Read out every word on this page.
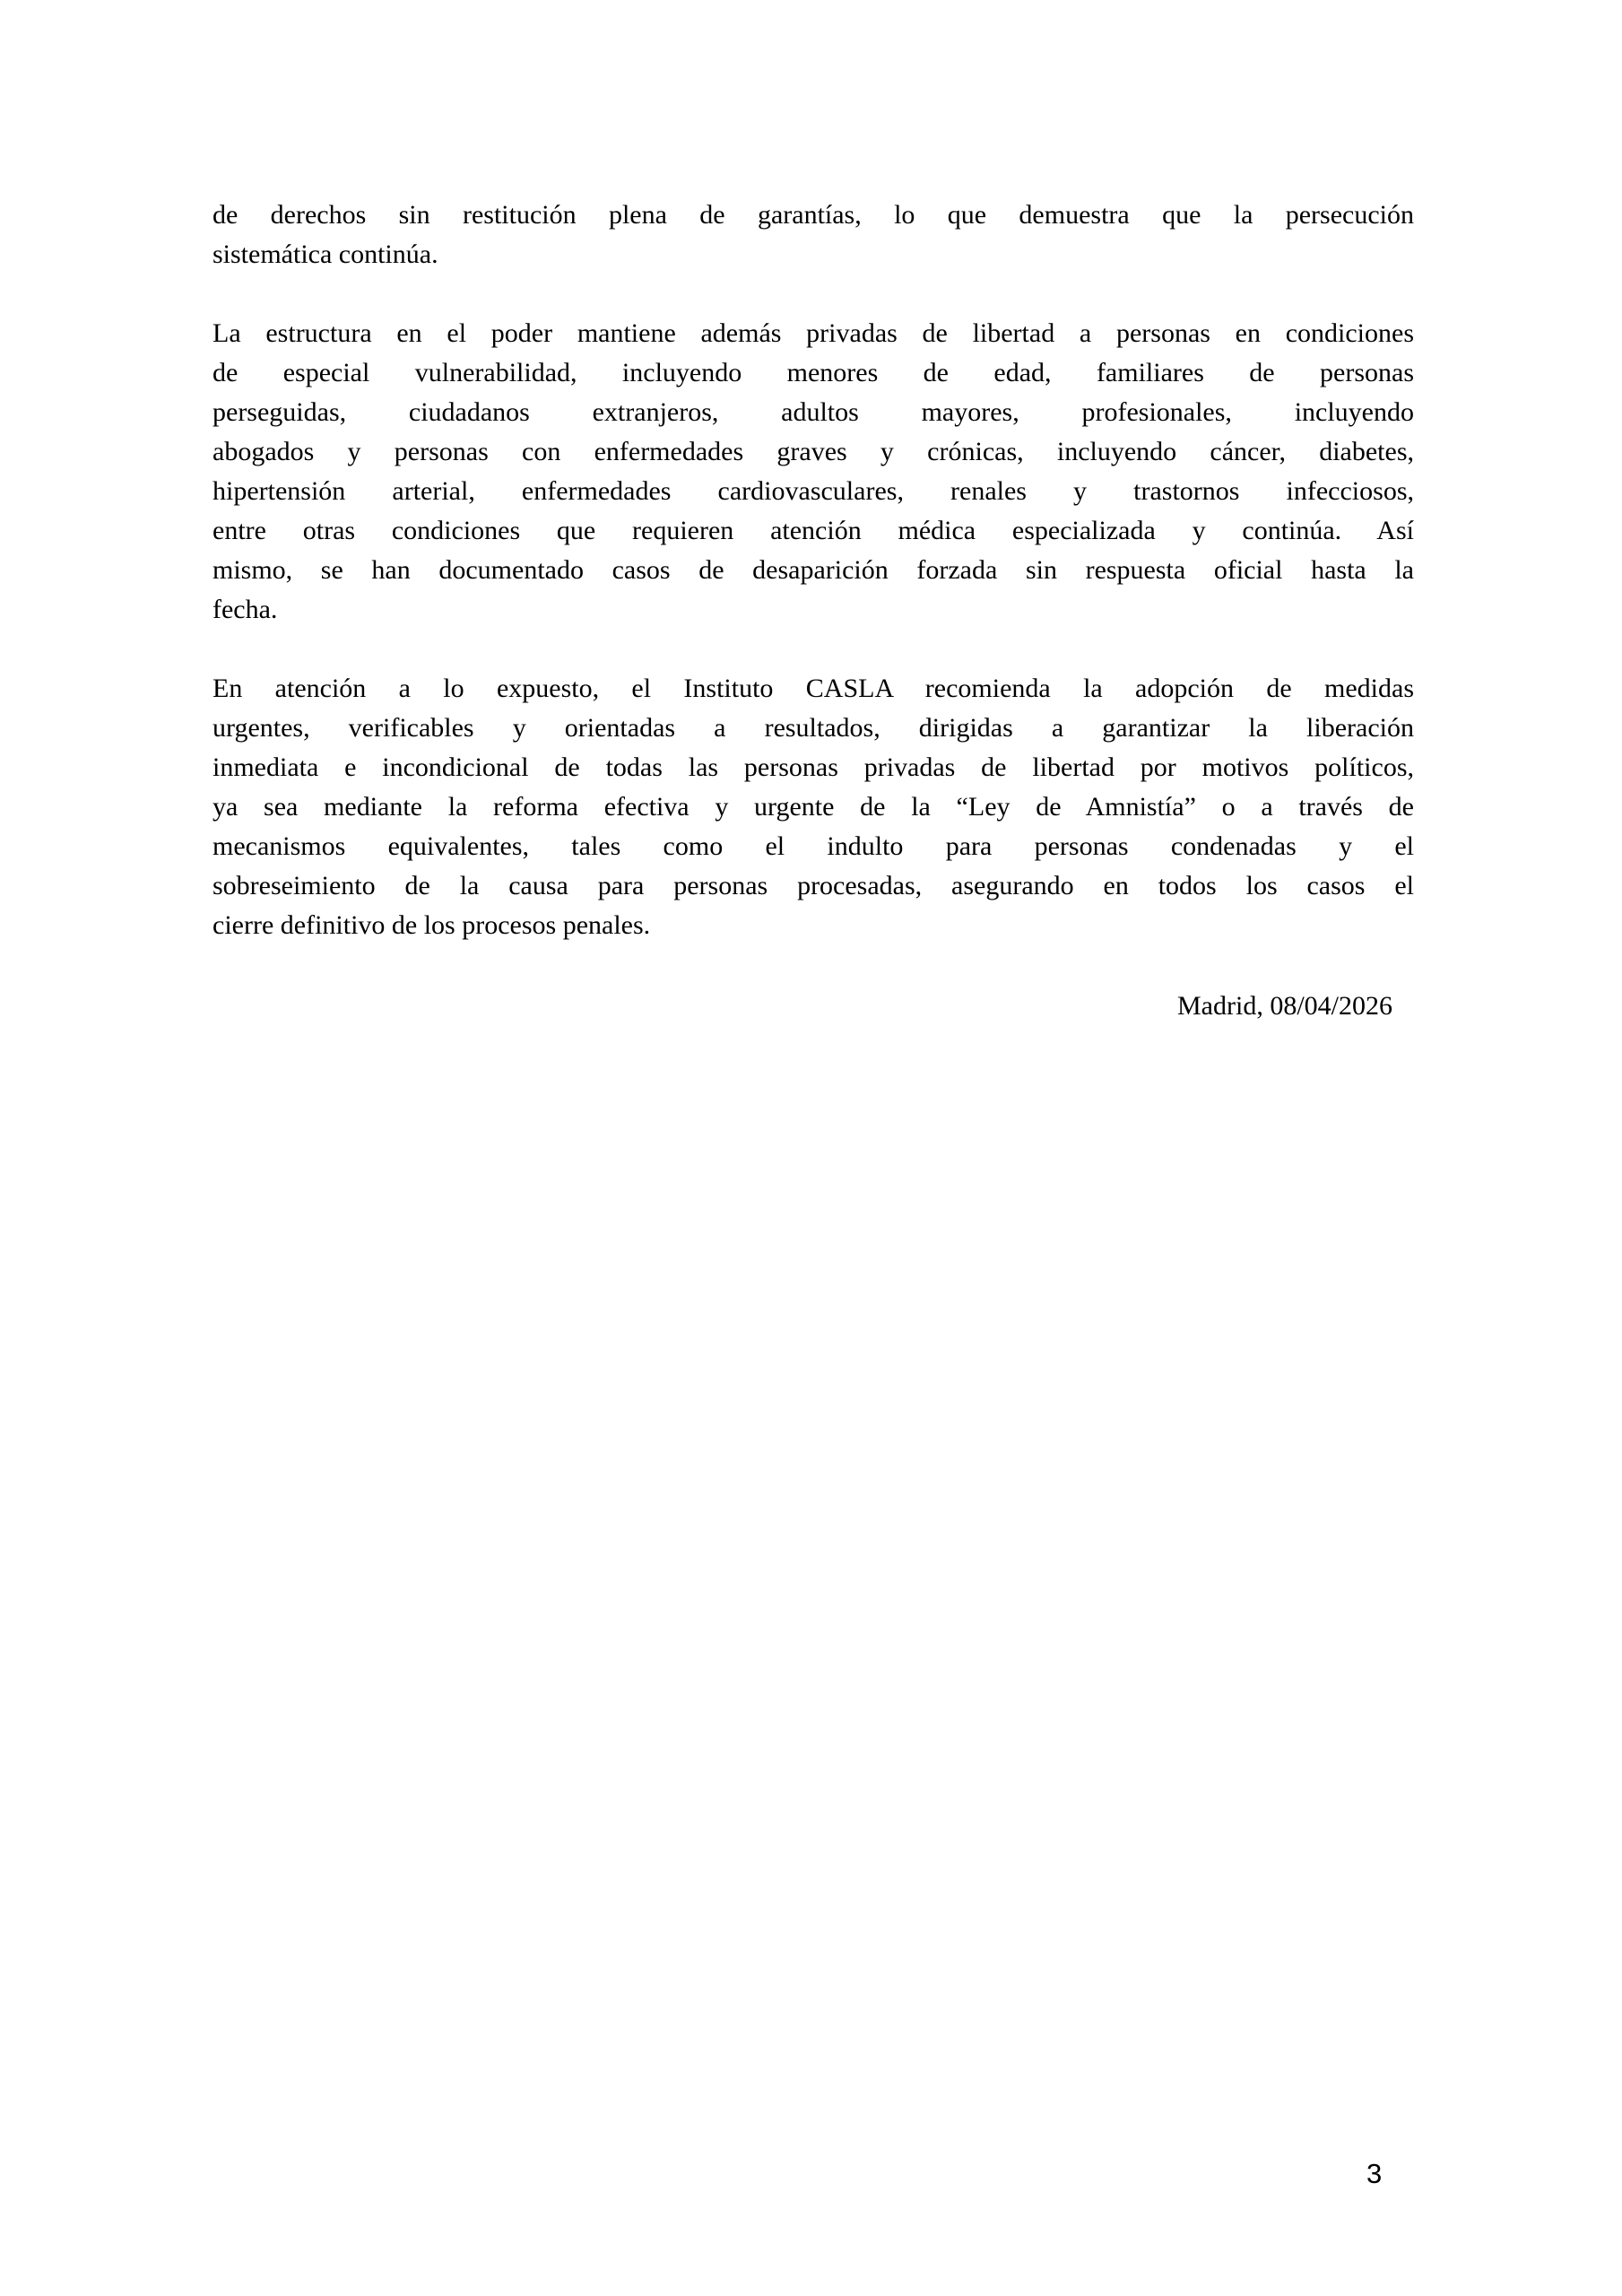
de derechos sin restitución plena de garantías, lo que demuestra que la persecución
sistemática continúa.
La estructura en el poder mantiene además privadas de libertad a personas en condiciones
de especial vulnerabilidad, incluyendo menores de edad, familiares de personas
perseguidas, ciudadanos extranjeros, adultos mayores, profesionales, incluyendo
abogados y personas con enfermedades graves y crónicas, incluyendo cáncer, diabetes,
hipertensión arterial, enfermedades cardiovasculares, renales y trastornos infecciosos,
entre otras condiciones que requieren atención médica especializada y continúa. Así
mismo, se han documentado casos de desaparición forzada sin respuesta oficial hasta la
fecha.
En atención a lo expuesto, el Instituto CASLA recomienda la adopción de medidas
urgentes, verificables y orientadas a resultados, dirigidas a garantizar la liberación
inmediata e incondicional de todas las personas privadas de libertad por motivos políticos,
ya sea mediante la reforma efectiva y urgente de la “Ley de Amnistía” o a través de
mecanismos equivalentes, tales como el indulto para personas condenadas y el
sobreseimiento de la causa para personas procesadas, asegurando en todos los casos el
cierre definitivo de los procesos penales.
Madrid, 08/04/2026
3
